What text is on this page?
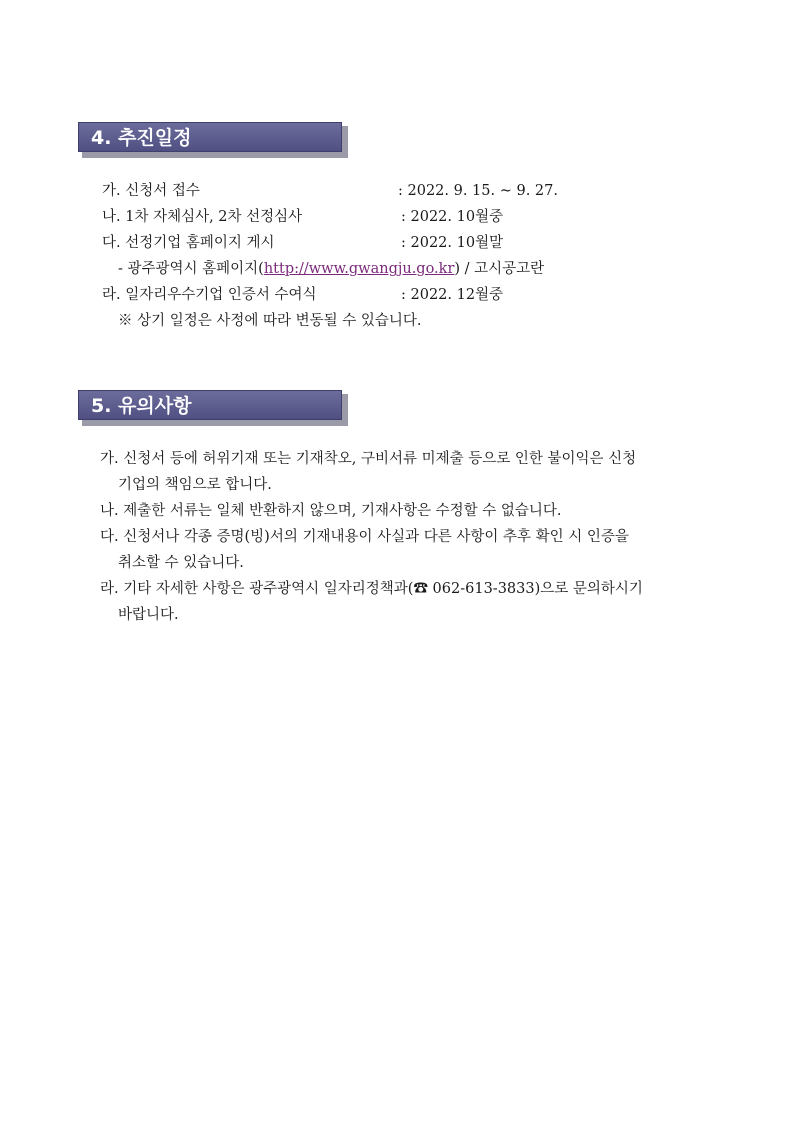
4. 추진일정
가. 신청서 접수	: 2022. 9. 15. ~ 9. 27.
나. 1차 자체심사, 2차 선정심사	: 2022. 10월중
다. 선정기업 홈페이지 게시	: 2022. 10월말
- 광주광역시 홈페이지(http://www.gwangju.go.kr) / 고시공고란
라. 일자리우수기업 인증서 수여식	: 2022. 12월중
※ 상기 일정은 사정에 따라 변동될 수 있습니다.
5. 유의사항
가. 신청서 등에 허위기재 또는 기재착오, 구비서류 미제출 등으로 인한 불이익은 신청
기업의 책임으로 합니다.
나. 제출한 서류는 일체 반환하지 않으며, 기재사항은 수정할 수 없습니다.
다. 신청서나 각종 증명(빙)서의 기재내용이 사실과 다른 사항이 추후 확인 시 인증을
취소할 수 있습니다.
라. 기타 자세한 사항은 광주광역시 일자리정책과(☎ 062-613-3833)으로 문의하시기
바랍니다.
